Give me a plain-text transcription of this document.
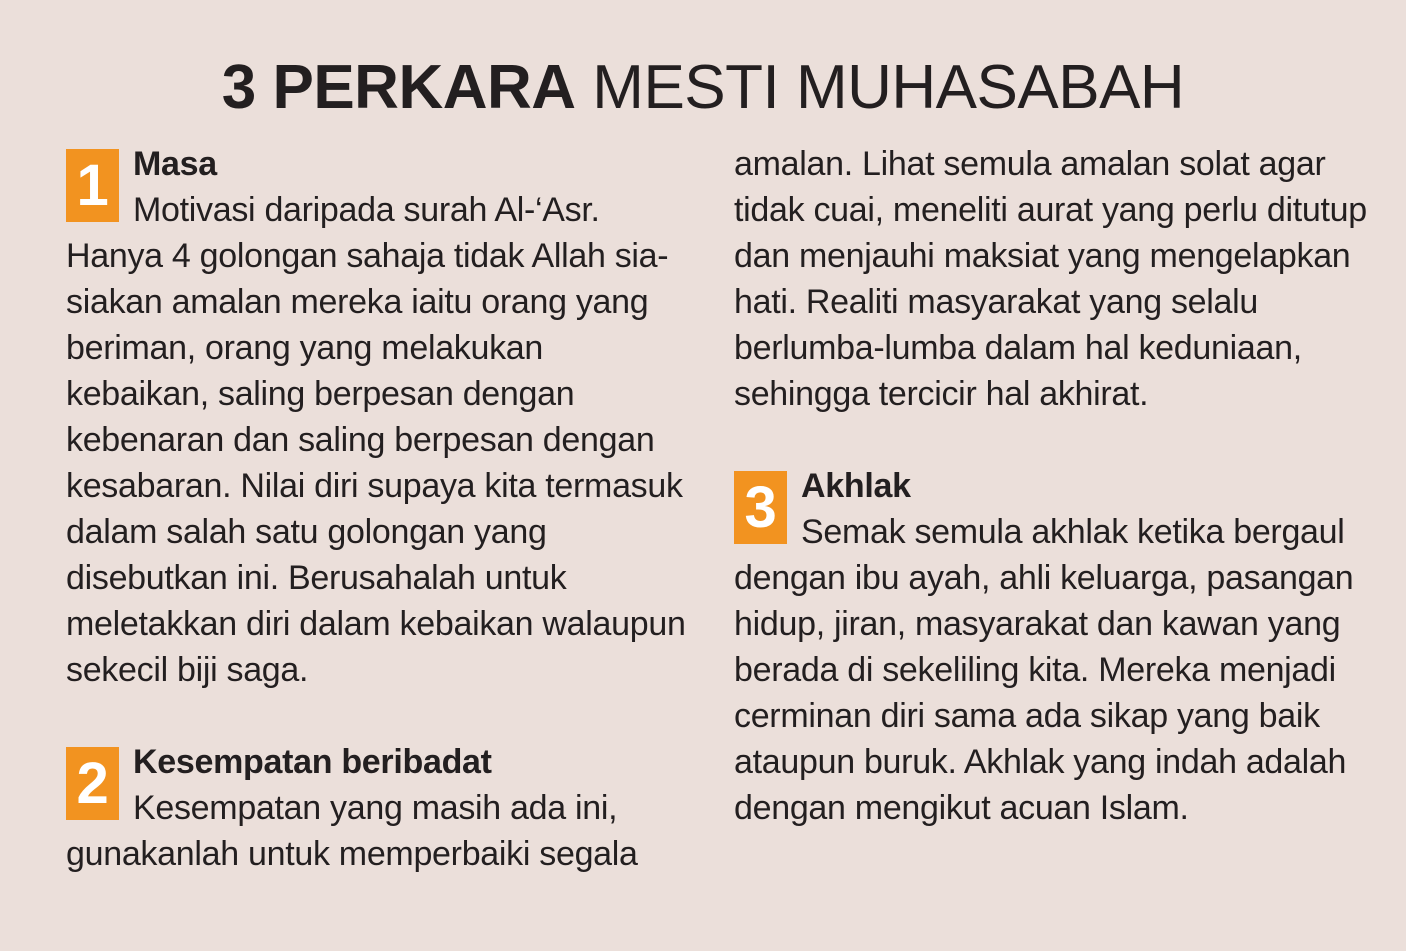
3 PERKARA MESTI MUHASABAH
1 Masa
Motivasi daripada surah Al-‘Asr. Hanya 4 golongan sahaja tidak Allah sia-siakan amalan mereka iaitu orang yang beriman, orang yang melakukan kebaikan, saling berpesan dengan kebenaran dan saling berpesan dengan kesabaran. Nilai diri supaya kita termasuk dalam salah satu golongan yang disebutkan ini. Berusahalah untuk meletakkan diri dalam kebaikan walaupun sekecil biji saga.
2 Kesempatan beribadat
Kesempatan yang masih ada ini, gunakanlah untuk memperbaiki segala
amalan. Lihat semula amalan solat agar tidak cuai, meneliti aurat yang perlu ditutup dan menjauhi maksiat yang mengelapkan hati. Realiti masyarakat yang selalu berlumba-lumba dalam hal keduniaan, sehingga tercicir hal akhirat.
3 Akhlak
Semak semula akhlak ketika bergaul dengan ibu ayah, ahli keluarga, pasangan hidup, jiran, masyarakat dan kawan yang berada di sekeliling kita. Mereka menjadi cerminan diri sama ada sikap yang baik ataupun buruk. Akhlak yang indah adalah dengan mengikut acuan Islam.
